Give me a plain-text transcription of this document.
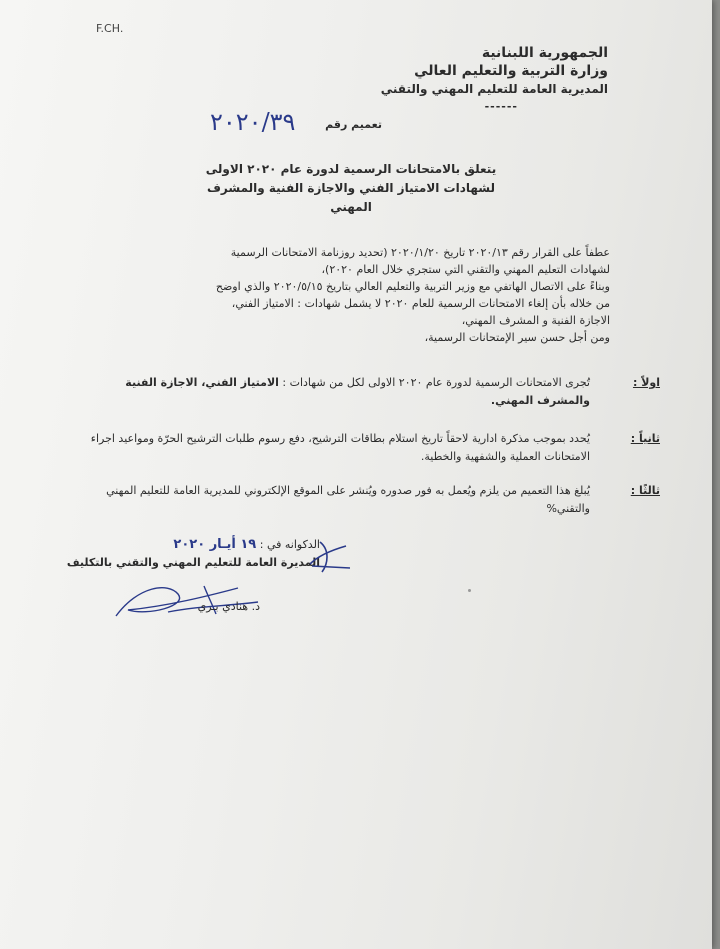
F.CH.
الجمهورية اللبنانية
وزارة التربية والتعليم العالي
المديرية العامة للتعليم المهني والتقني
------
تعميم رقم
٢٠٢٠/٣٩
يتعلق بالامتحانات الرسمية لدورة عام ٢٠٢٠ الاولى
لشهادات الامتياز الفني والاجازة الفنية والمشرف المهني
عطفاً على القرار رقم ٢٠٢٠/١٣ تاريخ ٢٠٢٠/١/٢٠ (تحديد روزنامة الامتحانات الرسمية
لشهادات التعليم المهني والتقني التي ستجري خلال العام ٢٠٢٠)،
وبناءً على الاتصال الهاتفي مع وزير التربية والتعليم العالي بتاريخ ٢٠٢٠/٥/١٥ والذي اوضح
من خلاله بأن إلغاء الامتحانات الرسمية للعام ٢٠٢٠ لا يشمل شهادات : الامتياز الفني،
الاجازة الفنية و المشرف المهني،
ومن أجل حسن سير الإمتحانات الرسمية،
اولاً :
تُجرى الامتحانات الرسمية لدورة عام ٢٠٢٠ الاولى لكل من شهادات : الامتياز الفني، الاجازة الفنية والمشرف المهني.
ثانياً :
يُحدد بموجب مذكرة ادارية لاحقاً تاريخ استلام بطاقات الترشيح، دفع رسوم طلبات الترشيح الحرّة ومواعيد اجراء الامتحانات العملية والشفهية والخطية.
ثالثًا :
يُبلغ هذا التعميم من يلزم ويُعمل به فور صدوره ويُنشر على الموقع الإلكتروني للمديرية العامة للتعليم المهني والتقني%
الدكوانه في : ١٩ أيـار ٢٠٢٠
المديرة العامة للتعليم المهني والتقني بالتكليف
د. هنادي بـري
